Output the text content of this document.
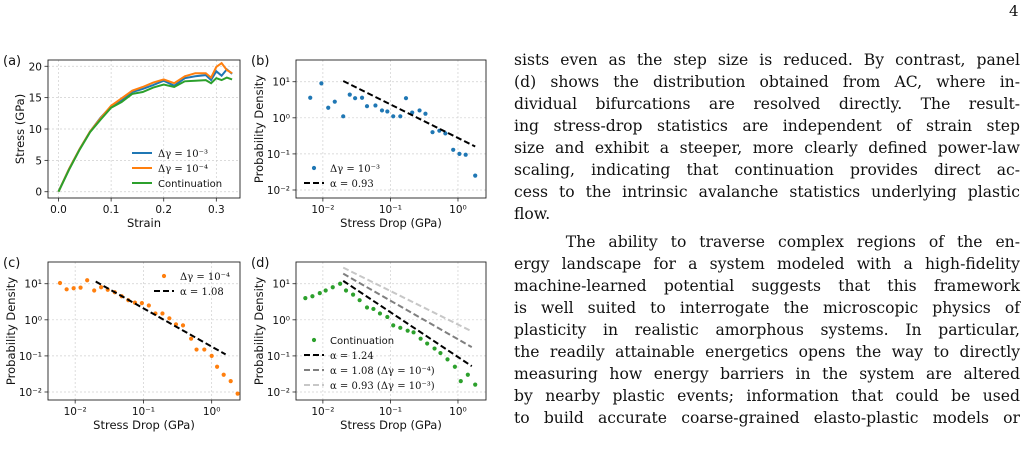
4
0.0	0.1	0.2	0.3
0
5
10
15
20
Strain
Stress (GPa)
(a)
Δγ = 10⁻³
Δγ = 10⁻⁴
Continuation
10⁻²	10⁻¹	10⁰
10⁻²
10⁻¹
10⁰
10¹
Stress Drop (GPa)
Probability Density
(b)
Δγ = 10⁻³
α = 0.93
10⁻²	10⁻¹	10⁰
10⁻²
10⁻¹
10⁰
10¹
Stress Drop (GPa)
Probability Density
(c)
Δγ = 10⁻⁴
α = 1.08
10⁻²	10⁻¹	10⁰
10⁻²
10⁻¹
10⁰
10¹
Stress Drop (GPa)
Probability Density
(d)
Continuation
α = 1.24
α = 1.08 (Δγ = 10⁻⁴)
α = 0.93 (Δγ = 10⁻³)
sists even as the step size is reduced. By contrast, panel
(d) shows the distribution obtained from AC, where in-
dividual bifurcations are resolved directly. The result-
ing stress-drop statistics are independent of strain step
size and exhibit a steeper, more clearly defined power-law
scaling, indicating that continuation provides direct ac-
cess to the intrinsic avalanche statistics underlying plastic
flow.
The ability to traverse complex regions of the en-
ergy landscape for a system modeled with a high-fidelity
machine-learned potential suggests that this framework
is well suited to interrogate the microscopic physics of
plasticity in realistic amorphous systems. In particular,
the readily attainable energetics opens the way to directly
measuring how energy barriers in the system are altered
by nearby plastic events; information that could be used
to build accurate coarse-grained elasto-plastic models or
